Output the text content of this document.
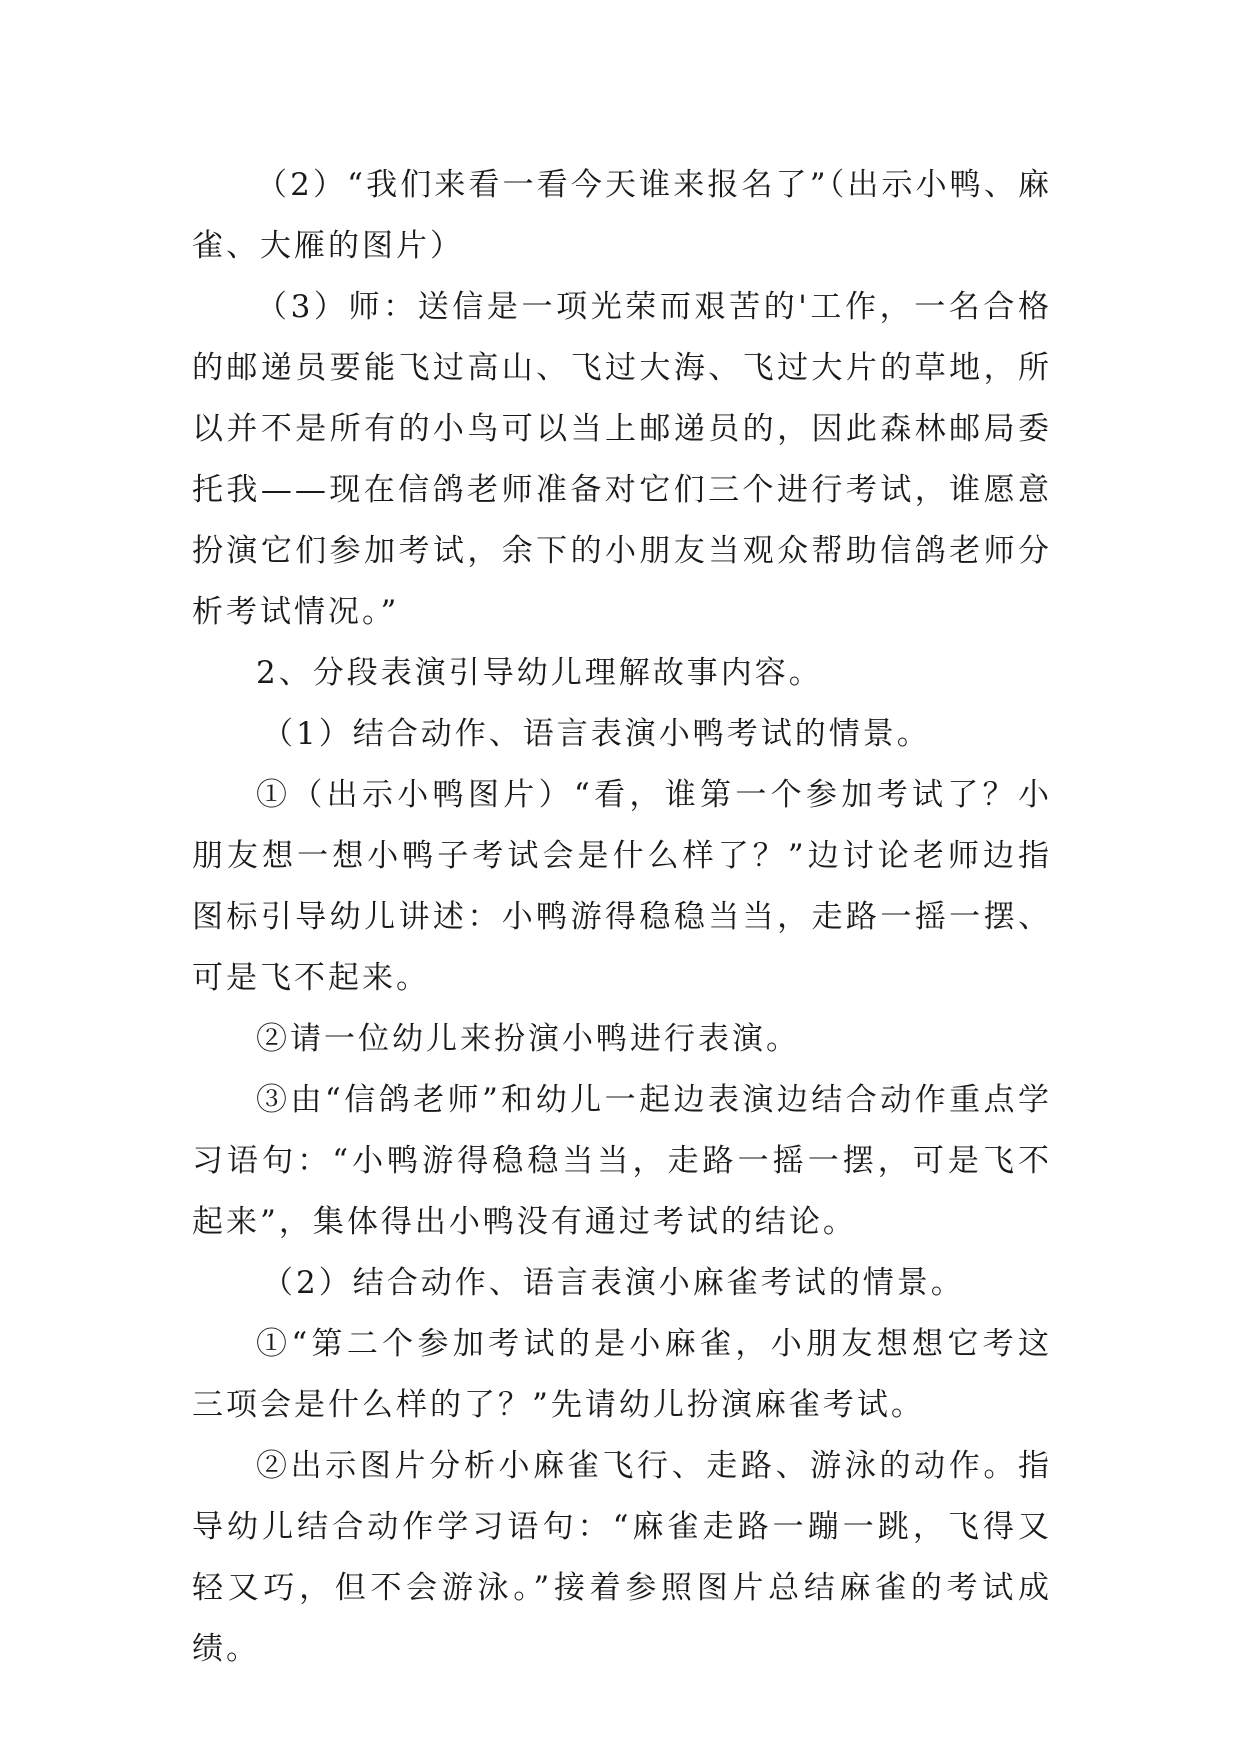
（2）“我们来看一看今天谁来报名了”（出示小鸭、麻雀、大雁的图片）

（3）师：送信是一项光荣而艰苦的'工作，一名合格的邮递员要能飞过高山、飞过大海、飞过大片的草地，所以并不是所有的小鸟可以当上邮递员的，因此森林邮局委托我——现在信鸽老师准备对它们三个进行考试，谁愿意扮演它们参加考试，余下的小朋友当观众帮助信鸽老师分析考试情况。”

2、分段表演引导幼儿理解故事内容。

（1）结合动作、语言表演小鸭考试的情景。

①（出示小鸭图片）“看，谁第一个参加考试了？小朋友想一想小鸭子考试会是什么样了？”边讨论老师边指图标引导幼儿讲述：小鸭游得稳稳当当，走路一摇一摆、可是飞不起来。

②请一位幼儿来扮演小鸭进行表演。

③由“信鸽老师”和幼儿一起边表演边结合动作重点学习语句：“小鸭游得稳稳当当，走路一摇一摆，可是飞不起来”，集体得出小鸭没有通过考试的结论。

（2）结合动作、语言表演小麻雀考试的情景。

①“第二个参加考试的是小麻雀，小朋友想想它考这三项会是什么样的了？”先请幼儿扮演麻雀考试。

②出示图片分析小麻雀飞行、走路、游泳的动作。指导幼儿结合动作学习语句：“麻雀走路一蹦一跳，飞得又轻又巧，但不会游泳。”接着参照图片总结麻雀的考试成绩。
